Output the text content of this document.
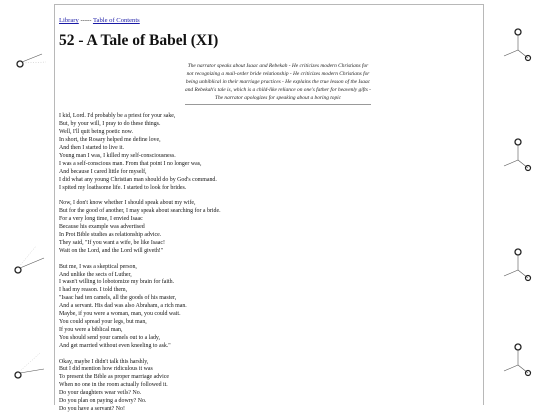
Library ----- Table of Contents
52 - A Tale of Babel (XI)
The narrator speaks about Isaac and Rebekah - He criticizes modern Christians for not recognizing a mail-order bride relationship - He criticizes modern Christians for being unbiblical in their marriage practices - He explains the true lesson of the Isaac and Rebekah's tale is, which is a child-like reliance on one's father for heavenly gifts - The narrator apologizes for speaking about a boring topic
I kid, Lord. I'd probably be a priest for your sake,
But, by your will, I pray to do these things.
Well, I'll quit being poetic now.
In short, the Rosary helped me define love,
And then I started to live it.
Young man I was, I killed my self-consciousness.
I was a self-conscious man. From that point I no longer was,
And because I cared little for myself,
I did what any young Christian man should do by God's command.
I spited my loathsome life. I started to look for brides.
Now, I don't know whether I should speak about my wife,
But for the good of another, I may speak about searching for a bride.
For a very long time, I envied Isaac
Because his example was advertised
In Prot Bible studies as relationship advice.
They said, "If you want a wife, be like Isaac!
Wait on the Lord, and the Lord will giveth!"
But me, I was a skeptical person,
And unlike the sects of Luther,
I wasn't willing to lobotomize my brain for faith.
I had my reason. I told them,
"Isaac had ten camels, all the goods of his master,
And a servant. His dad was also Abraham, a rich man.
Maybe, if you were a woman, man, you could wait.
You could spread your legs, but man,
If you were a biblical man,
You should send your camels out to a lady,
And get married without even kneeling to ask."
Okay, maybe I didn't talk this harshly,
But I did mention how ridiculous it was
To present the Bible as proper marriage advice
When no one in the room actually followed it.
Do your daughters wear veils? No.
Do you plan on paying a dowry? No.
Do you have a servant? No!
